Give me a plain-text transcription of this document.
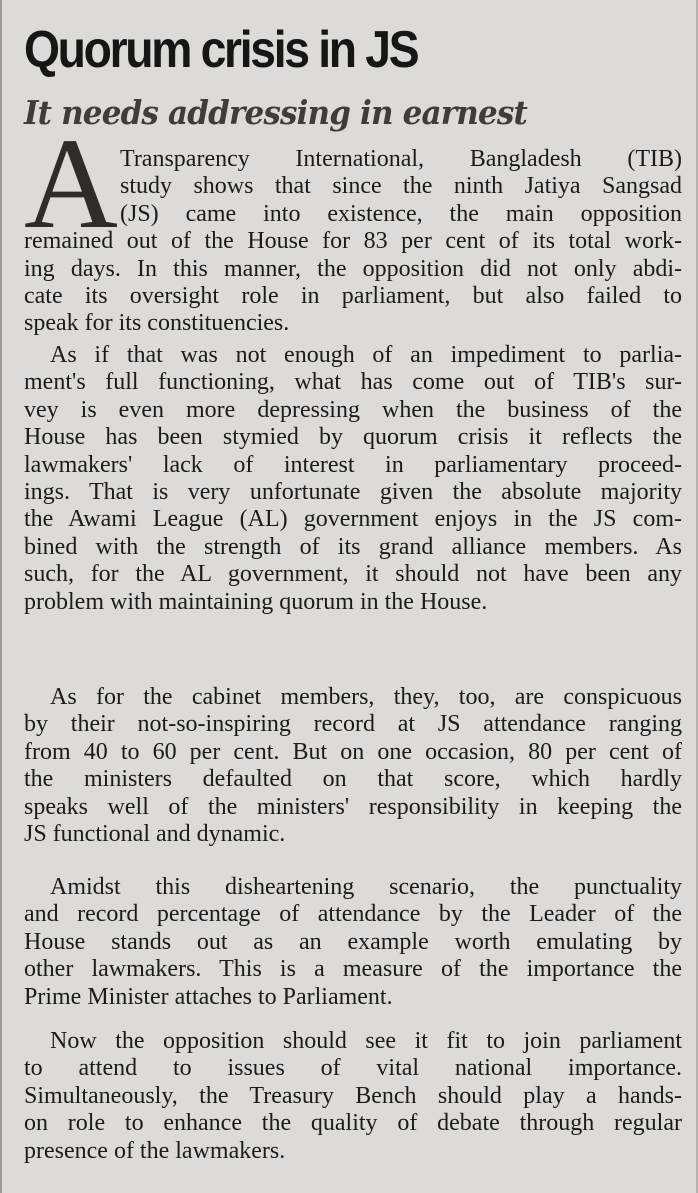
Quorum crisis in JS
It needs addressing in earnest
A Transparency International, Bangladesh (TIB)
study shows that since the ninth Jatiya Sangsad
(JS) came into existence, the main opposition
remained out of the House for 83 per cent of its total work-
ing days. In this manner, the opposition did not only abdi-
cate its oversight role in parliament, but also failed to
speak for its constituencies.
As if that was not enough of an impediment to parlia-
ment's full functioning, what has come out of TIB's sur-
vey is even more depressing when the business of the
House has been stymied by quorum crisis it reflects the
lawmakers' lack of interest in parliamentary proceed-
ings. That is very unfortunate given the absolute majority
the Awami League (AL) government enjoys in the JS com-
bined with the strength of its grand alliance members. As
such, for the AL government, it should not have been any
problem with maintaining quorum in the House.
As for the cabinet members, they, too, are conspicuous
by their not-so-inspiring record at JS attendance ranging
from 40 to 60 per cent. But on one occasion, 80 per cent of
the ministers defaulted on that score, which hardly
speaks well of the ministers' responsibility in keeping the
JS functional and dynamic.
Amidst this disheartening scenario, the punctuality
and record percentage of attendance by the Leader of the
House stands out as an example worth emulating by
other lawmakers. This is a measure of the importance the
Prime Minister attaches to Parliament.
Now the opposition should see it fit to join parliament
to attend to issues of vital national importance.
Simultaneously, the Treasury Bench should play a hands-
on role to enhance the quality of debate through regular
presence of the lawmakers.
